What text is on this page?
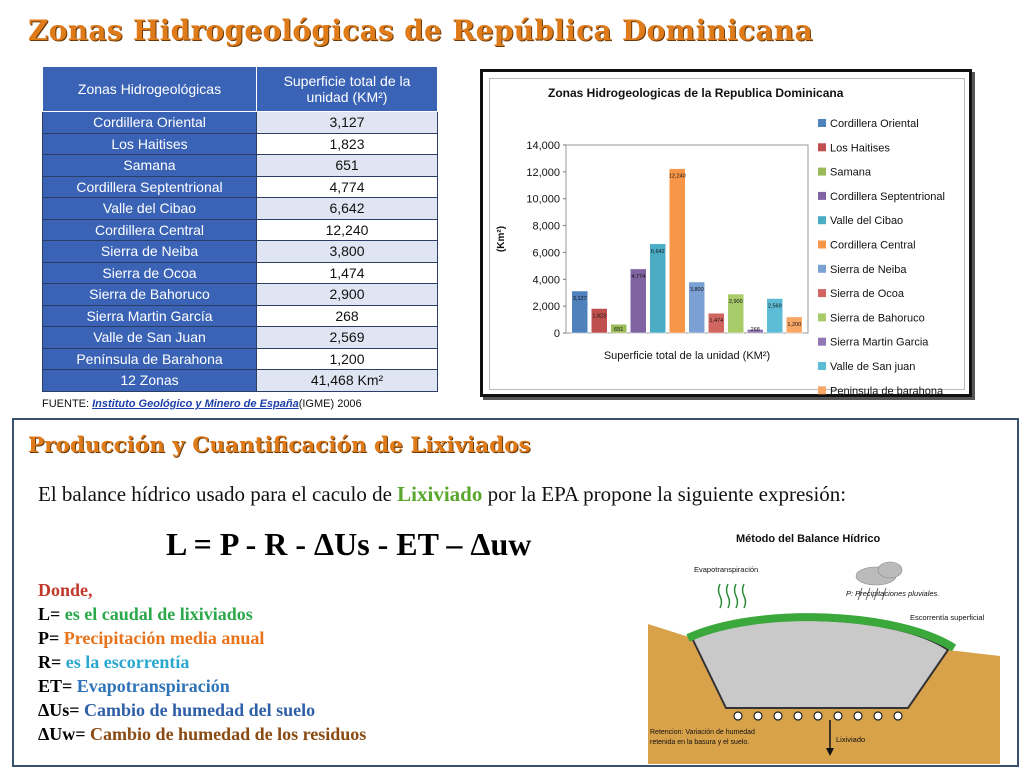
Zonas Hidrogeológicas de República Dominicana
Zonas Hidrogeológicas	Superficie total de la unidad (KM²)
Cordillera Oriental	3,127
Los Haitises	1,823
Samana	651
Cordillera Septentrional	4,774
Valle del Cibao	6,642
Cordillera Central	12,240
Sierra de Neiba	3,800
Sierra de Ocoa	1,474
Sierra de Bahoruco	2,900
Sierra Martin García	268
Valle de San Juan	2,569
Península de Barahona	1,200
12 Zonas	41,468 Km²
FUENTE: Instituto Geológico y Minero de España(IGME) 2006
Zonas Hidrogeologicas de la Republica Dominicana
0
2,000
4,000
6,000
8,000
10,000
12,000
14,000
(Km²)
Superficie total de la unidad (KM²)
3,127
1,823
651
4,774
6,642
12,240
3,800
1,474
2,900
268
2,569
1,200
Cordillera Oriental
Los Haitises
Samana
Cordillera Septentrional
Valle del Cibao
Cordillera Central
Sierra de Neiba
Sierra de Ocoa
Sierra de Bahoruco
Sierra Martin Garcia
Valle de San juan
Peninsula de barahona
Producción y Cuantificación de Lixiviados
El balance hídrico usado para el caculo de Lixiviado por la EPA propone la siguiente expresión:
L = P - R - ΔUs - ET – Δuw
Donde,
L= es el caudal de lixiviados
P= Precipitación media anual
R= es la escorrentía
ET= Evapotranspiración
ΔUs= Cambio de humedad del suelo
ΔUw= Cambio de humedad de los residuos
Método del Balance Hídrico
Evapotranspiración
P: Precipitaciones pluviales.
Escorrentía superficial
Retencion: Variación de humedad
retenida en la basura y el suelo.	Lixiviado
